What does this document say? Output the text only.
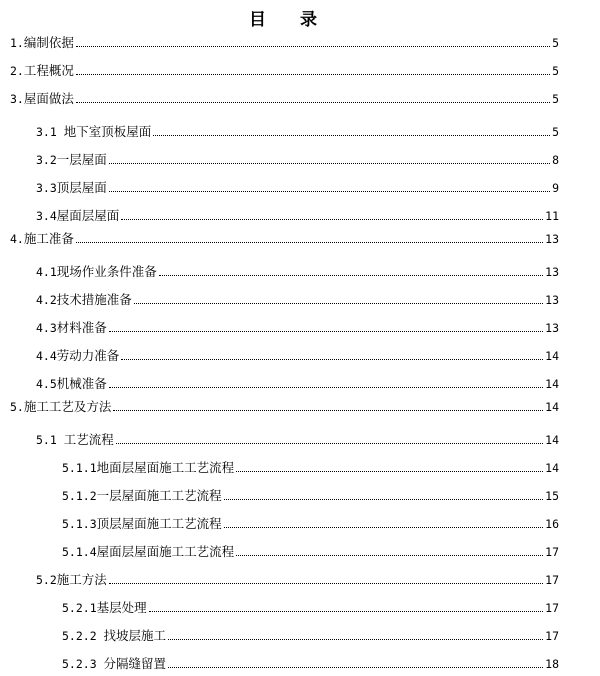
目 录
1.编制依据	5
2.工程概况	5
3.屋面做法	5
3.1 地下室顶板屋面	5
3.2一层屋面	8
3.3顶层屋面	9
3.4屋面层屋面	11
4.施工准备	13
4.1现场作业条件准备	13
4.2技术措施准备	13
4.3材料准备	13
4.4劳动力准备	14
4.5机械准备	14
5.施工工艺及方法	14
5.1 工艺流程	14
5.1.1地面层屋面施工工艺流程	14
5.1.2一层屋面施工工艺流程	15
5.1.3顶层屋面施工工艺流程	16
5.1.4屋面层屋面施工工艺流程	17
5.2施工方法	17
5.2.1基层处理	17
5.2.2 找坡层施工	17
5.2.3 分隔缝留置	18
